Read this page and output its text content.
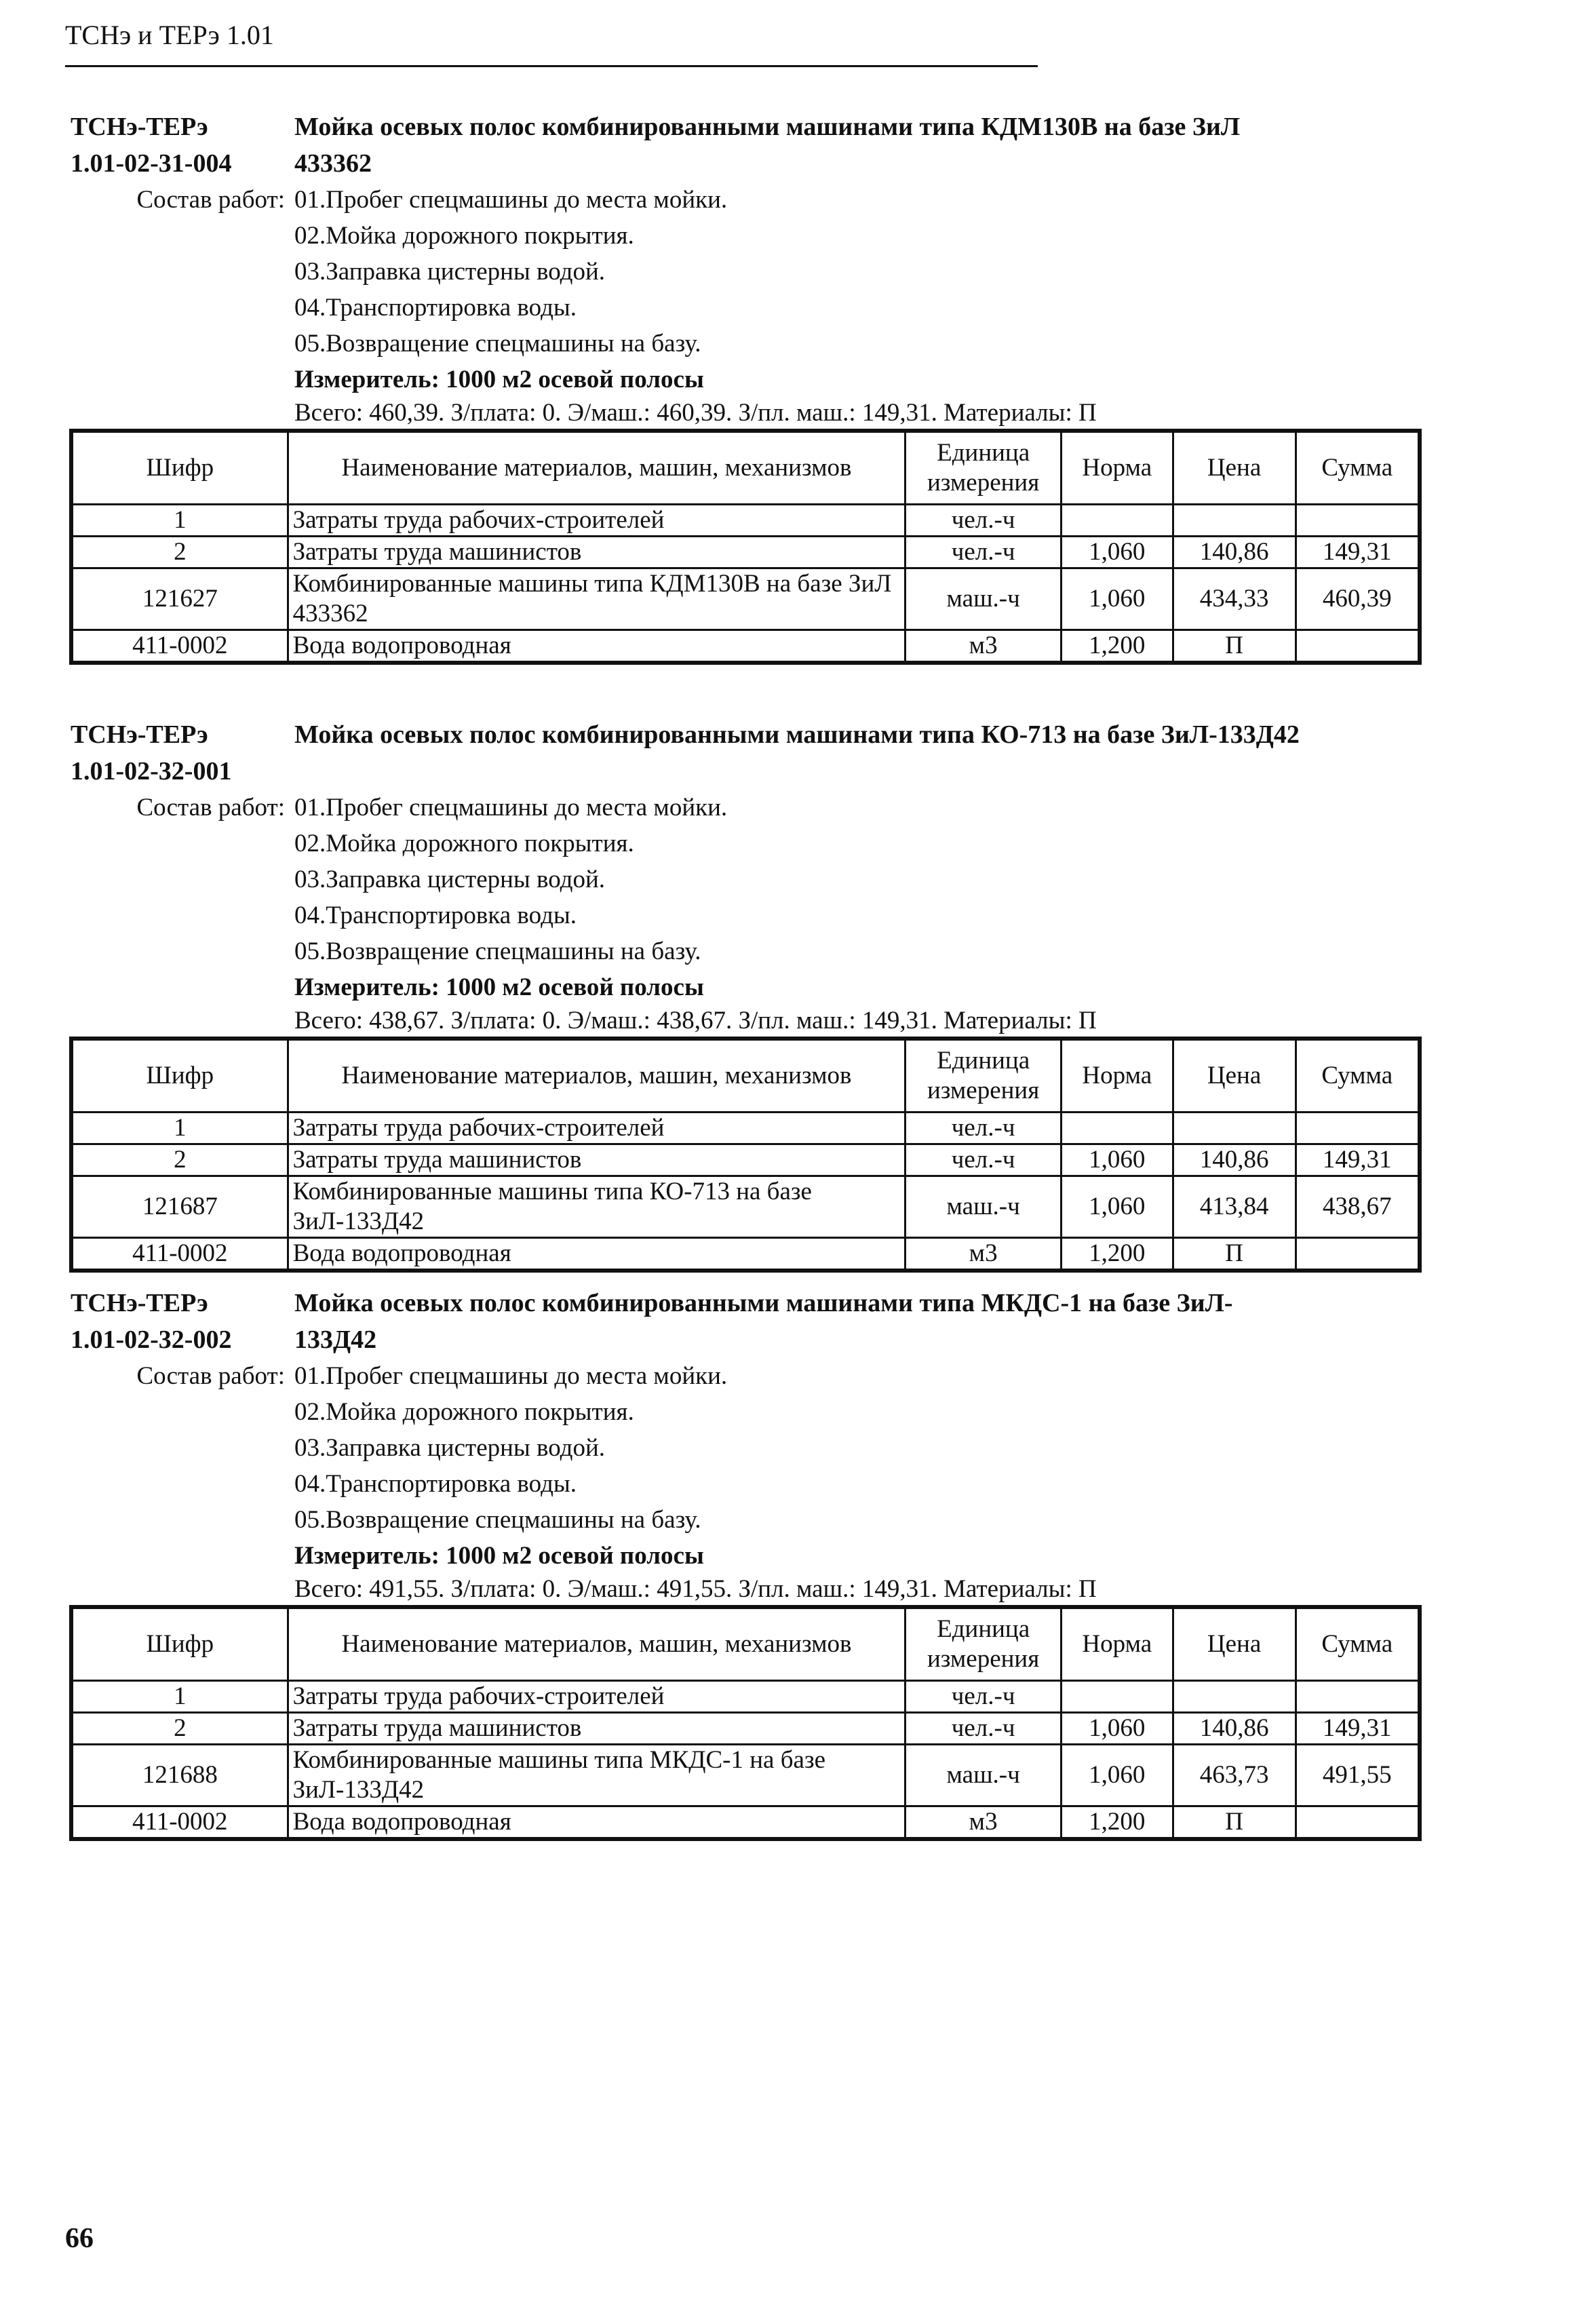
ТСНэ и ТЕРэ 1.01
ТСНэ-ТЕРэ
1.01-02-31-004
Мойка осевых полос комбинированными машинами типа КДМ130В на базе ЗиЛ
433362
Состав работ: 01.Пробег спецмашины до места мойки.
02.Мойка дорожного покрытия.
03.Заправка цистерны водой.
04.Транспортировка воды.
05.Возвращение спецмашины на базу.
Измеритель: 1000 м2 осевой полосы
Всего: 460,39. З/плата: 0. Э/маш.: 460,39. З/пл. маш.: 149,31. Материалы: П
Шифр	Наименование материалов, машин, механизмов	Единица измерения	Норма	Цена	Сумма
1	Затраты труда рабочих-строителей	чел.-ч			
2	Затраты труда машинистов	чел.-ч	1,060	140,86	149,31
121627	Комбинированные машины типа КДМ130В на базе ЗиЛ 433362	маш.-ч	1,060	434,33	460,39
411-0002	Вода водопроводная	м3	1,200	П	
ТСНэ-ТЕРэ
1.01-02-32-001
Мойка осевых полос комбинированными машинами типа КО-713 на базе ЗиЛ-133Д42
Состав работ: 01.Пробег спецмашины до места мойки.
02.Мойка дорожного покрытия.
03.Заправка цистерны водой.
04.Транспортировка воды.
05.Возвращение спецмашины на базу.
Измеритель: 1000 м2 осевой полосы
Всего: 438,67. З/плата: 0. Э/маш.: 438,67. З/пл. маш.: 149,31. Материалы: П
Шифр	Наименование материалов, машин, механизмов	Единица измерения	Норма	Цена	Сумма
1	Затраты труда рабочих-строителей	чел.-ч			
2	Затраты труда машинистов	чел.-ч	1,060	140,86	149,31
121687	Комбинированные машины типа КО-713 на базе ЗиЛ-133Д42	маш.-ч	1,060	413,84	438,67
411-0002	Вода водопроводная	м3	1,200	П	
ТСНэ-ТЕРэ
1.01-02-32-002
Мойка осевых полос комбинированными машинами типа МКДС-1 на базе ЗиЛ-
133Д42
Состав работ: 01.Пробег спецмашины до места мойки.
02.Мойка дорожного покрытия.
03.Заправка цистерны водой.
04.Транспортировка воды.
05.Возвращение спецмашины на базу.
Измеритель: 1000 м2 осевой полосы
Всего: 491,55. З/плата: 0. Э/маш.: 491,55. З/пл. маш.: 149,31. Материалы: П
Шифр	Наименование материалов, машин, механизмов	Единица измерения	Норма	Цена	Сумма
1	Затраты труда рабочих-строителей	чел.-ч			
2	Затраты труда машинистов	чел.-ч	1,060	140,86	149,31
121688	Комбинированные машины типа МКДС-1 на базе ЗиЛ-133Д42	маш.-ч	1,060	463,73	491,55
411-0002	Вода водопроводная	м3	1,200	П	
66
